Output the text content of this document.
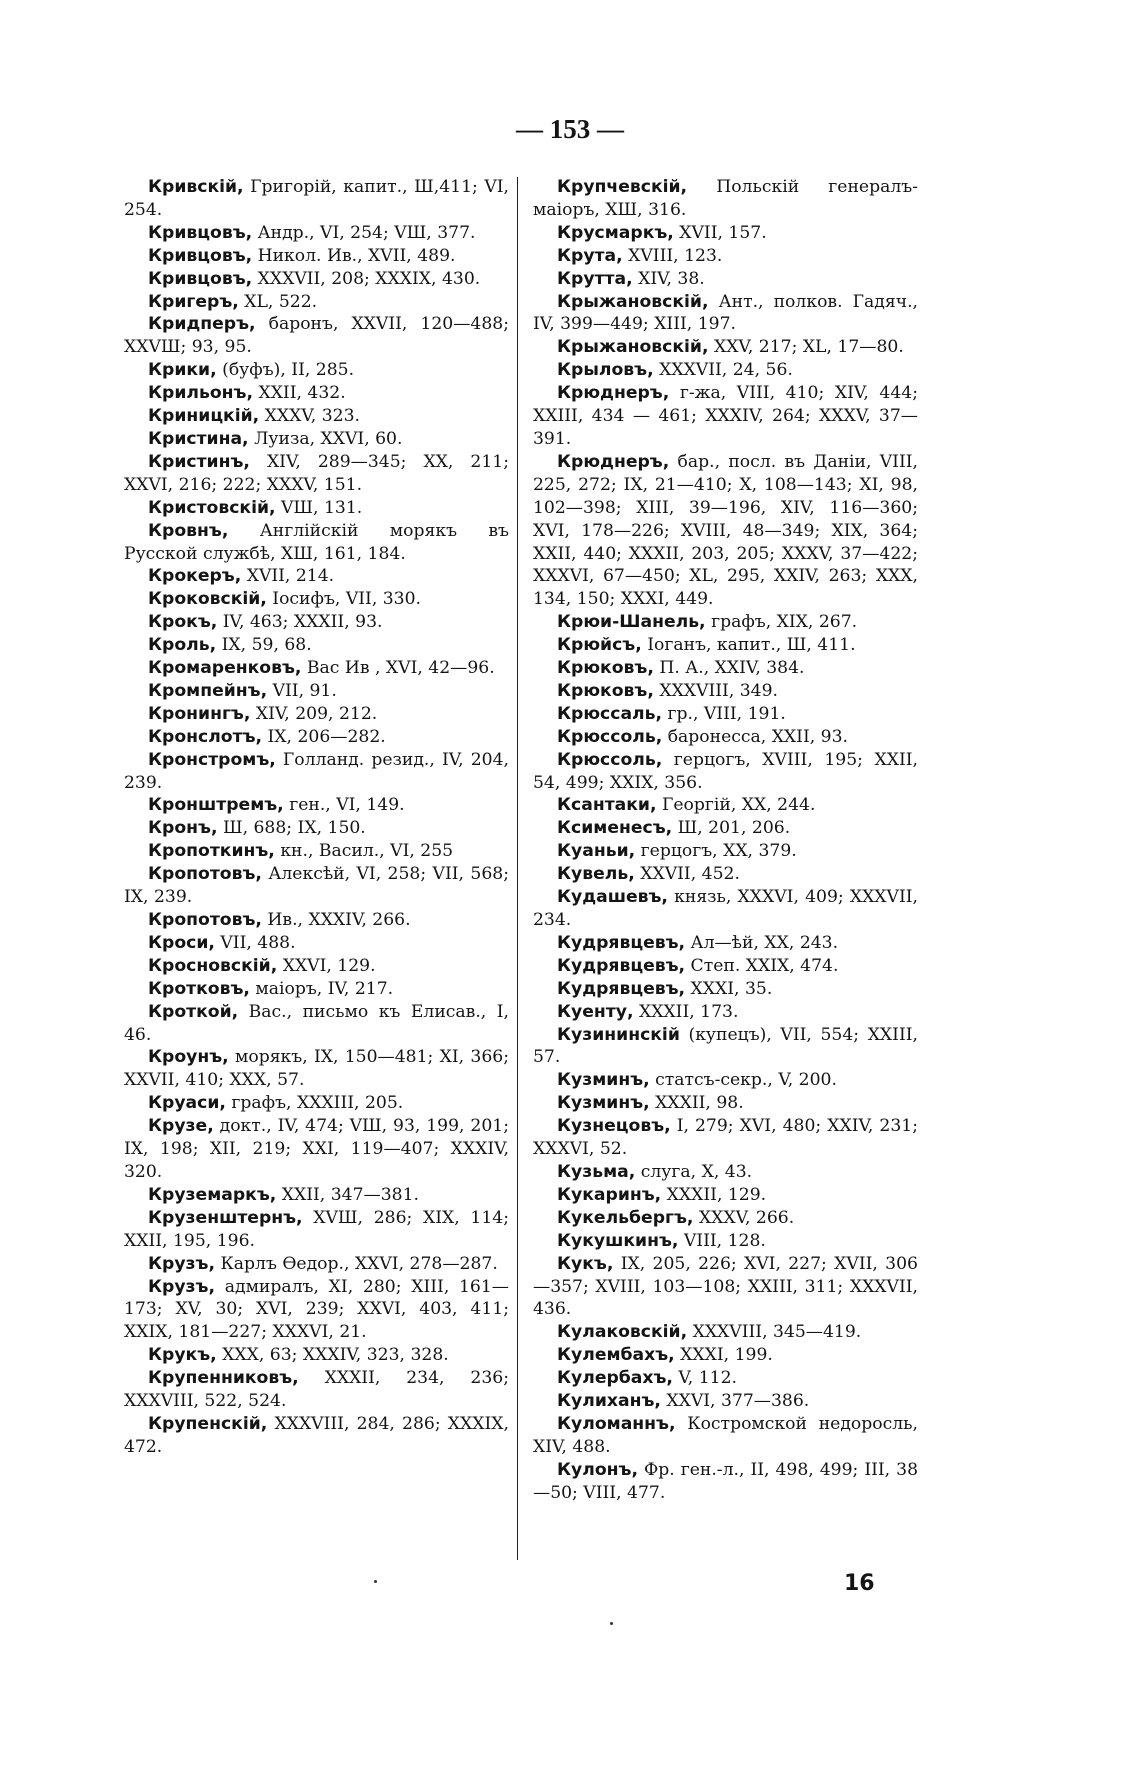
— 153 —

Кривскій, Григорій, капит., Ш,411; VI, 254.

Кривцовъ, Андр., VI, 254; VШ, 377.

Кривцовъ, Никол. Ив., XVII, 489.

Кривцовъ, XXXVII, 208; XXXIX, 430.

Кригеръ, XL, 522.

Кридперъ, баронъ, XXVII, 120—488; XXVШ; 93, 95.

Крики, (буфъ), II, 285.

Крильонъ, XXII, 432.

Криницкій, XXXV, 323.

Кристина, Луиза, XXVI, 60.

Кристинъ, XIV, 289—345; XX, 211; XXVI, 216; 222; XXXV, 151.

Кристовскій, VШ, 131.

Кровнъ, Англійскій морякъ въ Русской службѣ, XШ, 161, 184.

Крокеръ, XVII, 214.

Кроковскій, Іосифъ, VII, 330.

Крокъ, IV, 463; XXXII, 93.

Кроль, IX, 59, 68.

Кромаренковъ, Вас Ив , XVI, 42—96.

Кромпейнъ, VII, 91.

Кронингъ, XIV, 209, 212.

Кронслотъ, IX, 206—282.

Кронстромъ, Голланд. резид., IV, 204, 239.

Кронштремъ, ген., VI, 149.

Кронъ, Ш, 688; IX, 150.

Кропоткинъ, кн., Васил., VI, 255

Кропотовъ, Алексѣй, VI, 258; VII, 568; IX, 239.

Кропотовъ, Ив., XXXIV, 266.

Кроси, VII, 488.

Кросновскій, XXVI, 129.

Кротковъ, маіоръ, IV, 217.

Кроткой, Вас., письмо къ Елисав., I, 46.

Кроунъ, морякъ, IX, 150—481; XI, 366; XXVII, 410; XXX, 57.

Круаси, графъ, XXXIII, 205.

Крузе, докт., IV, 474; VШ, 93, 199, 201; IX, 198; XII, 219; XXI, 119—407; XXXIV, 320.

Круземаркъ, XXII, 347—381.

Крузенштернъ, XVШ, 286; XIX, 114; XXII, 195, 196.

Крузъ, Карлъ Ѳедор., XXVI, 278—287.

Крузъ, адмиралъ, XI, 280; XIII, 161—173; XV, 30; XVI, 239; XXVI, 403, 411; XXIX, 181—227; XXXVI, 21.

Крукъ, XXX, 63; XXXIV, 323, 328.

Крупенниковъ, XXXII, 234, 236; XXXVIII, 522, 524.

Крупенскій, XXXVIII, 284, 286; XXXIX, 472.

Крупчевскій, Польскій генералъ-маіоръ, XШ, 316.

Крусмаркъ, XVII, 157.

Крута, XVIII, 123.

Крутта, XIV, 38.

Крыжановскій, Ант., полков. Гадяч., IV, 399—449; XIII, 197.

Крыжановскій, XXV, 217; XL, 17—80.

Крыловъ, XXXVII, 24, 56.

Крюднеръ, г-жа, VIII, 410; XIV, 444; XXIII, 434 — 461; XXXIV, 264; XXXV, 37—391.

Крюднеръ, бар., посл. въ Даніи, VIII, 225, 272; IX, 21—410; X, 108—143; XI, 98, 102—398; XIII, 39—196, XIV, 116—360; XVI, 178—226; XVIII, 48—349; XIX, 364; XXII, 440; XXXII, 203, 205; XXXV, 37—422; XXXVI, 67—450; XL, 295, XXIV, 263; XXX, 134, 150; XXXI, 449.

Крюи-Шанель, графъ, XIX, 267.

Крюйсъ, Іоганъ, капит., Ш, 411.

Крюковъ, П. А., XXIV, 384.

Крюковъ, XXXVIII, 349.

Крюссаль, гр., VIII, 191.

Крюссоль, баронесса, XXII, 93.

Крюссоль, герцогъ, XVIII, 195; XXII, 54, 499; XXIX, 356.

Ксантаки, Георгій, XX, 244.

Ксименесъ, Ш, 201, 206.

Куаньи, герцогъ, XX, 379.

Кувель, XXVII, 452.

Кудашевъ, князь, XXXVI, 409; XXXVII, 234.

Кудрявцевъ, Ал—ѣй, XX, 243.

Кудрявцевъ, Степ. XXIX, 474.

Кудрявцевъ, XXXI, 35.

Куенту, XXXII, 173.

Кузининскій (купецъ), VII, 554; XXIII, 57.

Кузминъ, статсъ-секр., V, 200.

Кузминъ, XXXII, 98.

Кузнецовъ, I, 279; XVI, 480; XXIV, 231; XXXVI, 52.

Кузьма, слуга, X, 43.

Кукаринъ, XXXII, 129.

Кукельбергъ, XXXV, 266.

Кукушкинъ, VIII, 128.

Кукъ, IX, 205, 226; XVI, 227; XVII, 306—357; XVIII, 103—108; XXIII, 311; XXXVII, 436.

Кулаковскій, XXXVIII, 345—419.

Кулембахъ, XXXI, 199.

Кулербахъ, V, 112.

Кулиханъ, XXVI, 377—386.

Куломаннъ, Костромской недоросль, XIV, 488.

Кулонъ, Фр. ген.-л., II, 498, 499; III, 38—50; VIII, 477.

16
